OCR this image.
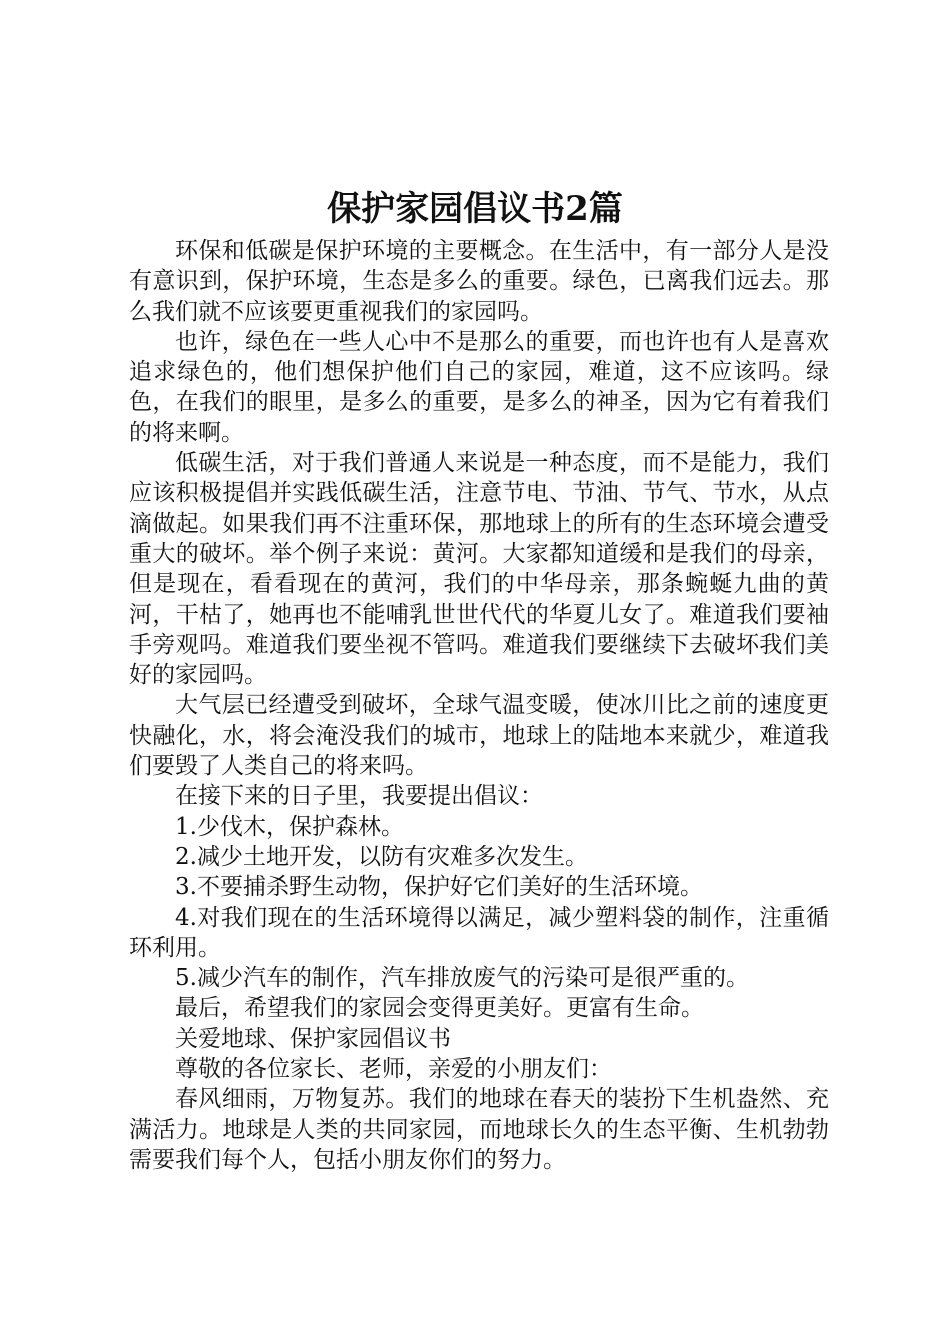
保护家园倡议书2篇

环保和低碳是保护环境的主要概念。在生活中，有一部分人是没有意识到，保护环境，生态是多么的重要。绿色，已离我们远去。那么我们就不应该要更重视我们的家园吗。

也许，绿色在一些人心中不是那么的重要，而也许也有人是喜欢追求绿色的，他们想保护他们自己的家园，难道，这不应该吗。绿色，在我们的眼里，是多么的重要，是多么的神圣，因为它有着我们的将来啊。

低碳生活，对于我们普通人来说是一种态度，而不是能力，我们应该积极提倡并实践低碳生活，注意节电、节油、节气、节水，从点滴做起。如果我们再不注重环保，那地球上的所有的生态环境会遭受重大的破坏。举个例子来说：黄河。大家都知道缓和是我们的母亲，但是现在，看看现在的黄河，我们的中华母亲，那条蜿蜒九曲的黄河，干枯了，她再也不能哺乳世世代代的华夏儿女了。难道我们要袖手旁观吗。难道我们要坐视不管吗。难道我们要继续下去破坏我们美好的家园吗。

大气层已经遭受到破坏，全球气温变暖，使冰川比之前的速度更快融化，水，将会淹没我们的城市，地球上的陆地本来就少，难道我们要毁了人类自己的将来吗。

在接下来的日子里，我要提出倡议：

1.少伐木，保护森林。

2.减少土地开发，以防有灾难多次发生。

3.不要捕杀野生动物，保护好它们美好的生活环境。

4.对我们现在的生活环境得以满足，减少塑料袋的制作，注重循环利用。

5.减少汽车的制作，汽车排放废气的污染可是很严重的。

最后，希望我们的家园会变得更美好。更富有生命。

关爱地球、保护家园倡议书

尊敬的各位家长、老师，亲爱的小朋友们：

春风细雨，万物复苏。我们的地球在春天的装扮下生机盎然、充满活力。地球是人类的共同家园，而地球长久的生态平衡、生机勃勃需要我们每个人，包括小朋友你们的努力。
